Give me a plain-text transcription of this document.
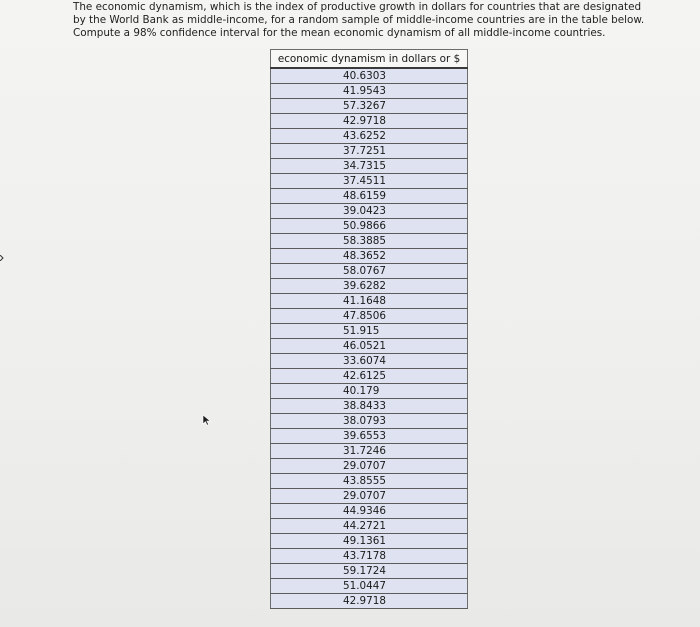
The economic dynamism, which is the index of productive growth in dollars for countries that are designated
by the World Bank as middle-income, for a random sample of middle-income countries are in the table below.
Compute a 98% confidence interval for the mean economic dynamism of all middle-income countries.
economic dynamism in dollars or $
40.6303
41.9543
57.3267
42.9718
43.6252
37.7251
34.7315
37.4511
48.6159
39.0423
50.9866
58.3885
48.3652
58.0767
39.6282
41.1648
47.8506
51.915
46.0521
33.6074
42.6125
40.179
38.8433
38.0793
39.6553
31.7246
29.0707
43.8555
29.0707
44.9346
44.2721
49.1361
43.7178
59.1724
51.0447
42.9718
